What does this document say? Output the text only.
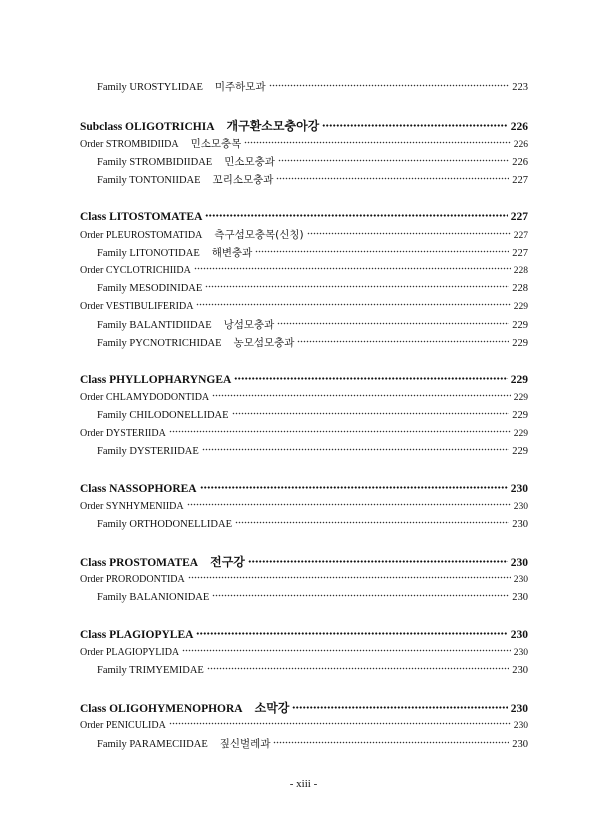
Family UROSTYLIDAE 미주하모과	223
Subclass OLIGOTRICHIA 개구환소모충아강	226
Order STROMBIDIIDA 민소모충목	226
Family STROMBIDIIDAE 민소모충과	226
Family TONTONIIDAE 꼬리소모충과	227
Class LITOSTOMATEA	227
Order PLEUROSTOMATIDA 측구섬모충목(신칭)	227
Family LITONOTIDAE 해변충과	227
Order CYCLOTRICHIIDA	228
Family MESODINIDAE	228
Order VESTIBULIFERIDA	229
Family BALANTIDIIDAE 낭섬모충과	229
Family PYCNOTRICHIDAE 농모섬모충과	229
Class PHYLLOPHARYNGEA	229
Order CHLAMYDODONTIDA	229
Family CHILODONELLIDAE	229
Order DYSTERIIDA	229
Family DYSTERIIDAE	229
Class NASSOPHOREA	230
Order SYNHYMENIIDA	230
Family ORTHODONELLIDAE	230
Class PROSTOMATEA 전구강	230
Order PRORODONTIDA	230
Family BALANIONIDAE	230
Class PLAGIOPYLEA	230
Order PLAGIOPYLIDA	230
Family TRIMYEMIDAE	230
Class OLIGOHYMENOPHORA 소막강	230
Order PENICULIDA	230
Family PARAMECIIDAE 짚신벌레과	230
- xiii -
